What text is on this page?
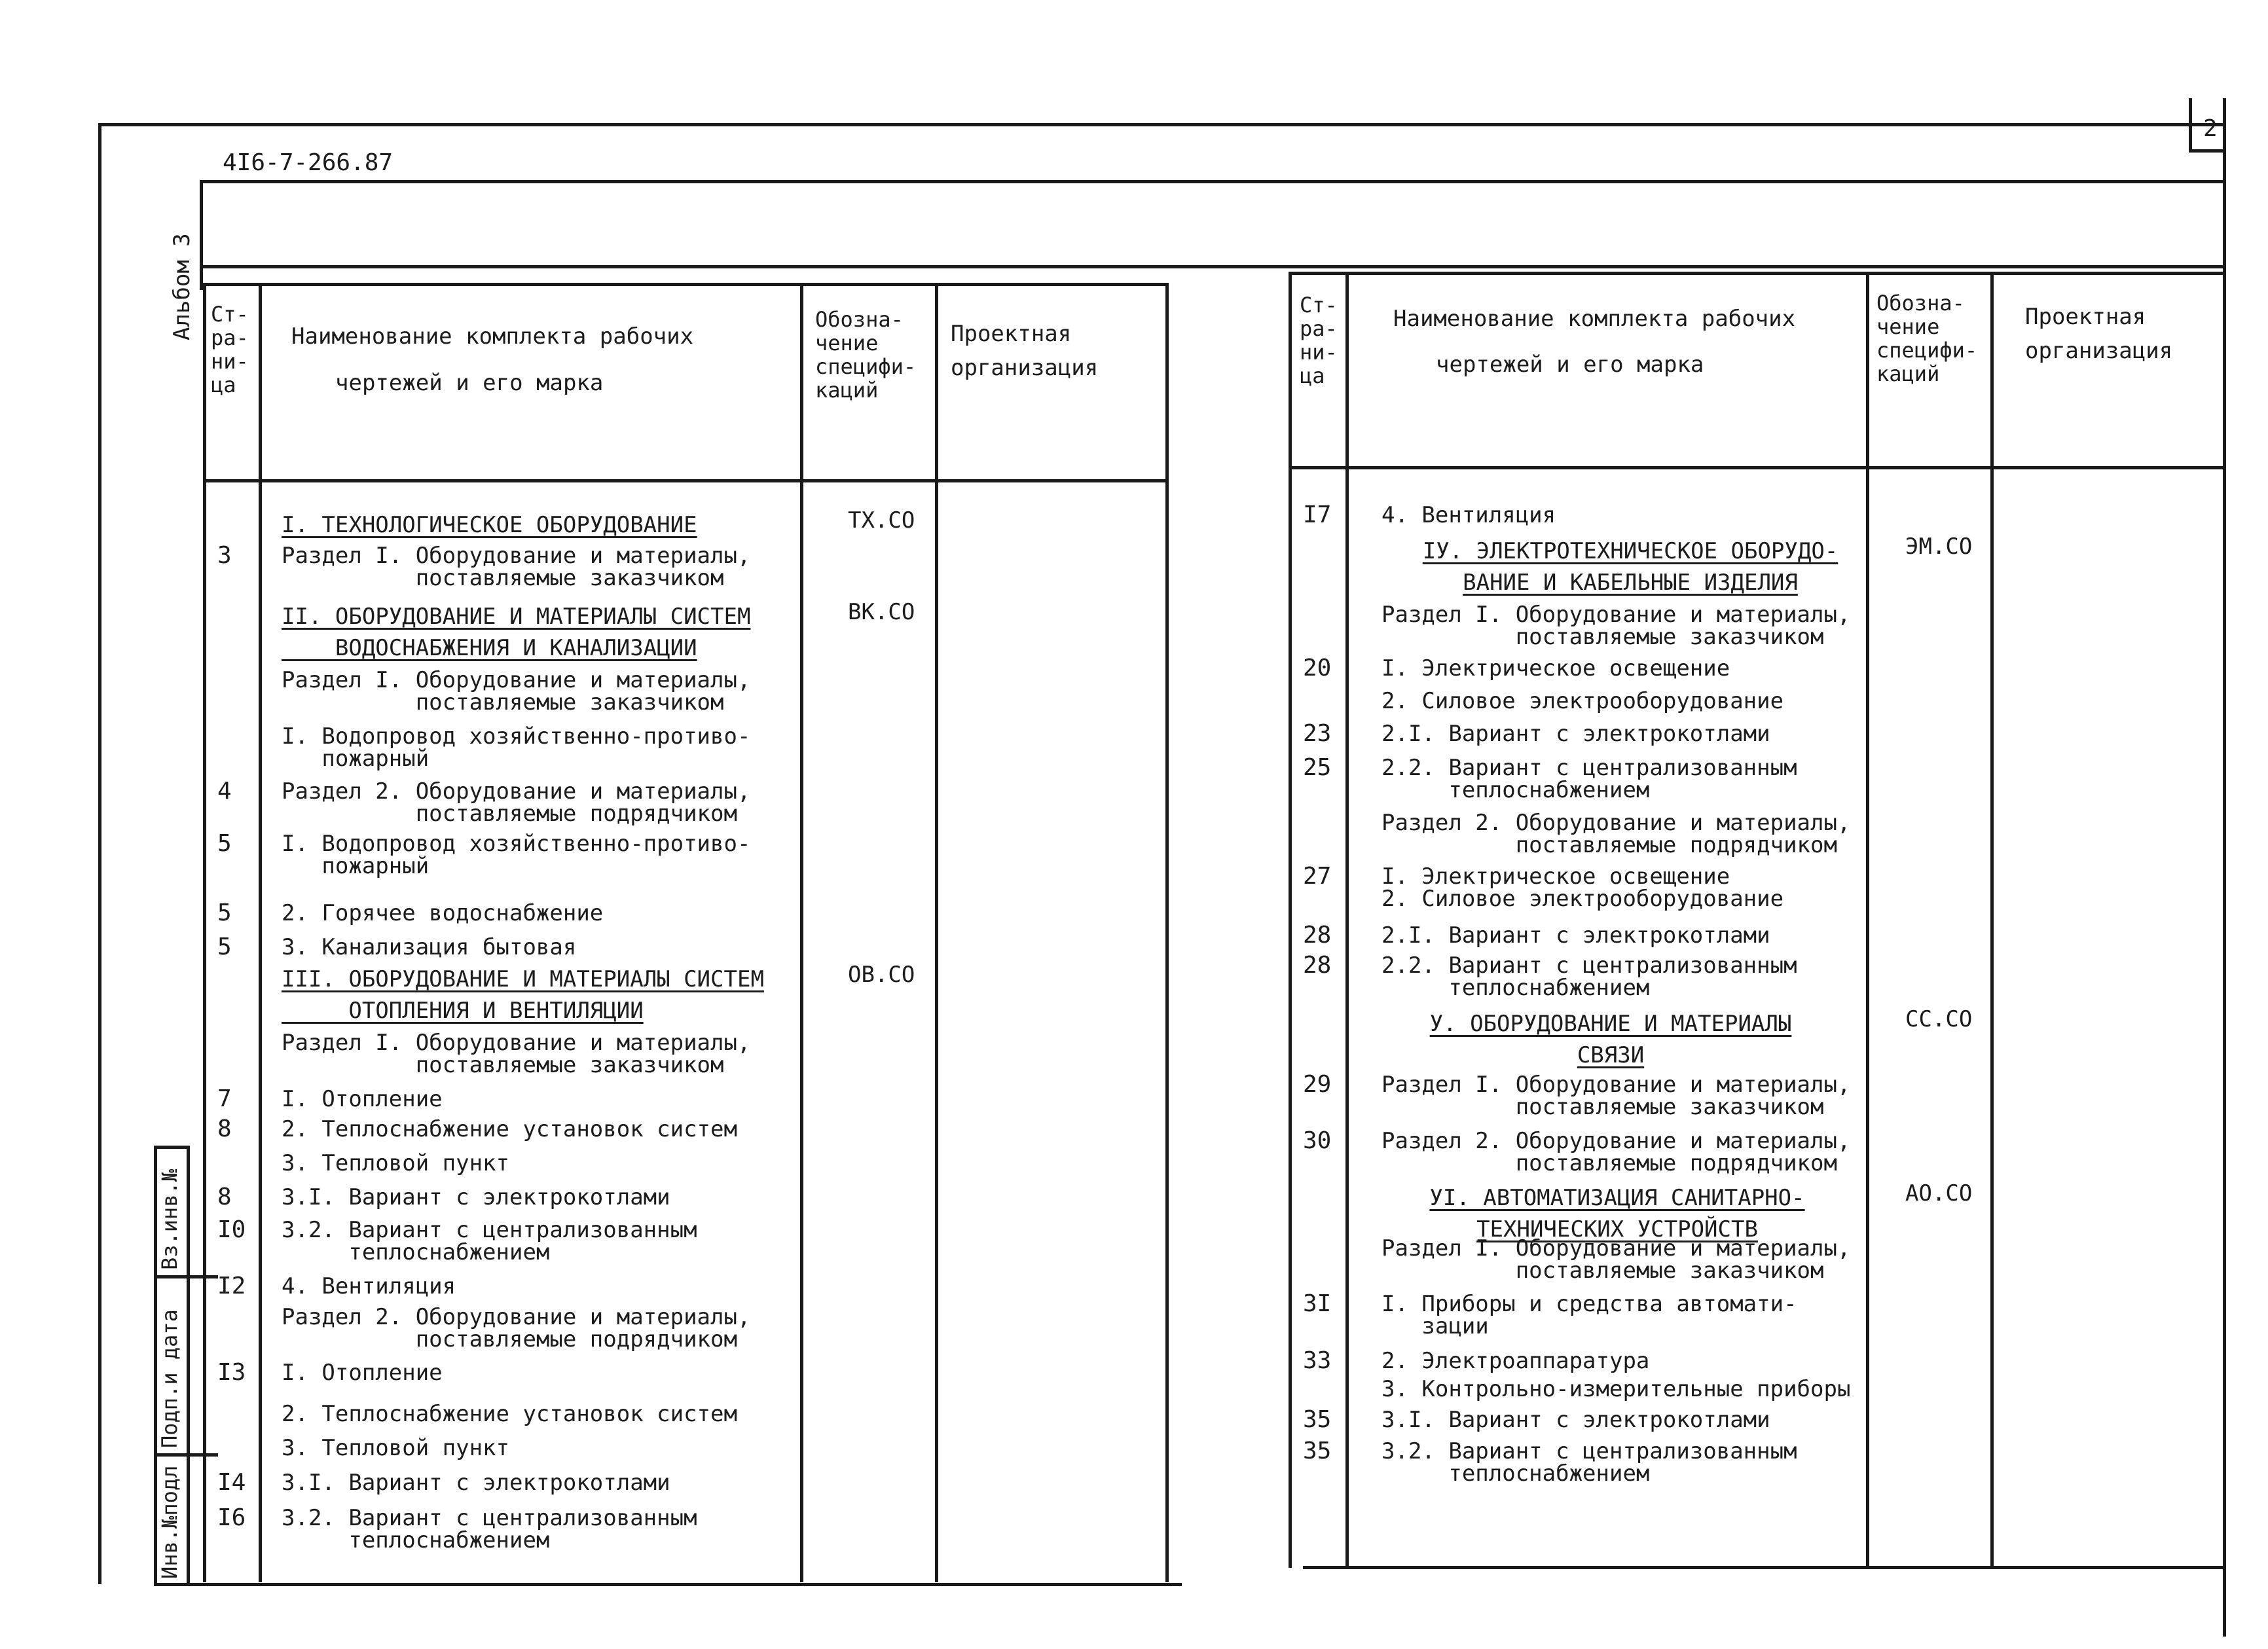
2
4I6-7-266.87
Альбом 3
Вз.инв.№
Подп.и дата
Инв.№подл
Ст-
ра-
ни-
ца
Наименование комплекта рабочих
чертежей и его марка
Обозна-
чение
специфи-
каций
Проектная
организация
I. ТЕХНОЛОГИЧЕСКОЕ ОБОРУДОВАНИЕ	ТХ.СО
3 Раздел I. Оборудование и материалы,
поставляемые заказчиком
II. ОБОРУДОВАНИЕ И МАТЕРИАЛЫ СИСТЕМ
ВОДОСНАБЖЕНИЯ И КАНАЛИЗАЦИИ
ВК.СО
Раздел I. Оборудование и материалы,
поставляемые заказчиком
I. Водопровод хозяйственно-противо-
пожарный
4 Раздел 2. Оборудование и материалы,
поставляемые подрядчиком
5 I. Водопровод хозяйственно-противо-
пожарный
5 2. Горячее водоснабжение
5 3. Канализация бытовая
III. ОБОРУДОВАНИЕ И МАТЕРИАЛЫ СИСТЕМ
ОТОПЛЕНИЯ И ВЕНТИЛЯЦИИ
ОВ.СО
Раздел I. Оборудование и материалы,
поставляемые заказчиком
7 I. Отопление
8 2. Теплоснабжение установок систем
3. Тепловой пункт
8 3.I. Вариант с электрокотлами
I0 3.2. Вариант с централизованным
теплоснабжением
I2 4. Вентиляция
Раздел 2. Оборудование и материалы,
поставляемые подрядчиком
I3 I. Отопление
2. Теплоснабжение установок систем
3. Тепловой пункт
I4 3.I. Вариант с электрокотлами
I6 3.2. Вариант с централизованным
теплоснабжением
Ст-
ра-
ни-
ца
Наименование комплекта рабочих
чертежей и его марка
Обозна-
чение
специфи-
каций
Проектная
организация
I7 4. Вентиляция
IУ. ЭЛЕКТРОТЕХНИЧЕСКОЕ ОБОРУДО-
ВАНИЕ И КАБЕЛЬНЫЕ ИЗДЕЛИЯ
ЭМ.СО
Раздел I. Оборудование и материалы,
поставляемые заказчиком
20 I. Электрическое освещение
2. Силовое электрооборудование
23 2.I. Вариант с электрокотлами
25 2.2. Вариант с централизованным
теплоснабжением
Раздел 2. Оборудование и материалы,
поставляемые подрядчиком
27 I. Электрическое освещение
2. Силовое электрооборудование
28 2.I. Вариант с электрокотлами
28 2.2. Вариант с централизованным
теплоснабжением
У. ОБОРУДОВАНИЕ И МАТЕРИАЛЫ
СВЯЗИ
СС.СО
29 Раздел I. Оборудование и материалы,
поставляемые заказчиком
30 Раздел 2. Оборудование и материалы,
поставляемые подрядчиком
УI. АВТОМАТИЗАЦИЯ САНИТАРНО-
ТЕХНИЧЕСКИХ УСТРОЙСТВ
АО.СО
Раздел I. Оборудование и материалы,
поставляемые заказчиком
3I I. Приборы и средства автомати-
зации
33 2. Электроаппаратура
3. Контрольно-измерительные приборы
35 3.I. Вариант с электрокотлами
35 3.2. Вариант с централизованным
теплоснабжением
